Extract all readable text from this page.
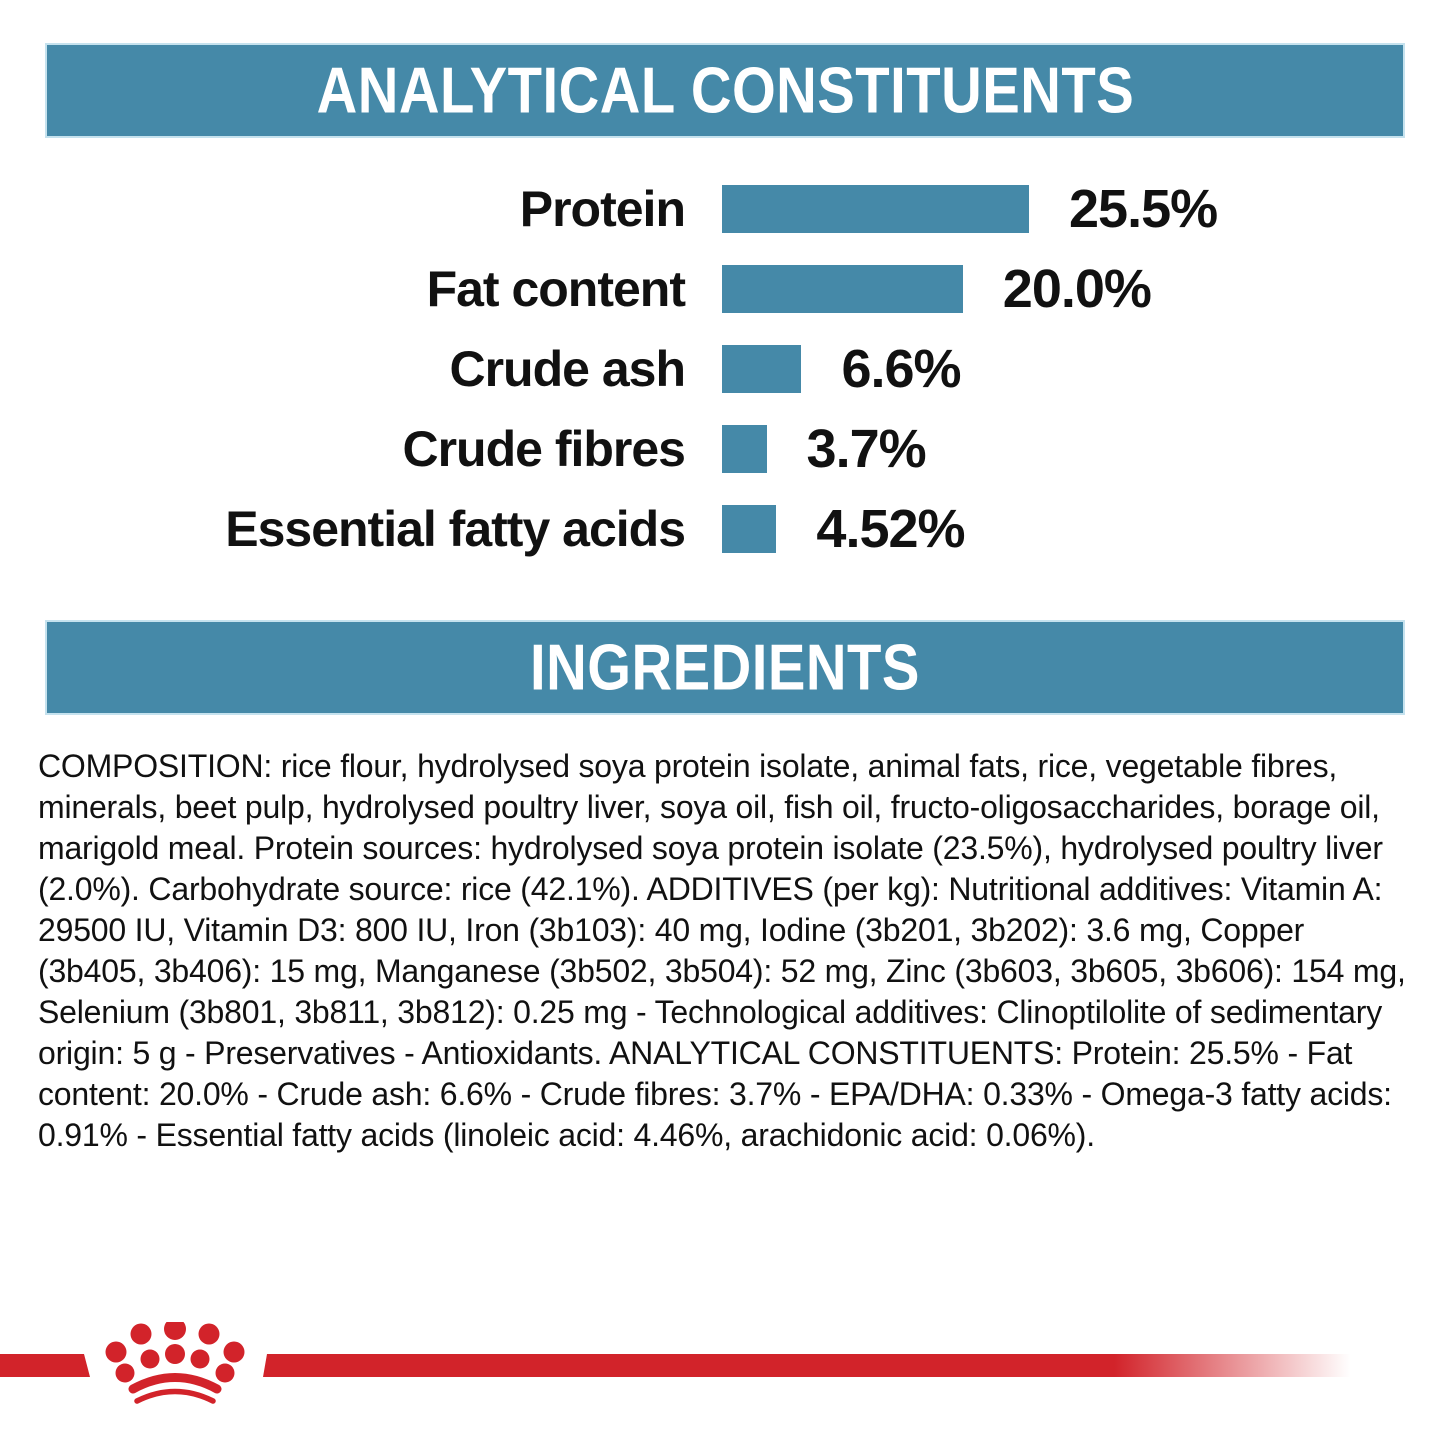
ANALYTICAL CONSTITUENTS
Protein	25.5%
Fat content	20.0%
Crude ash	6.6%
Crude fibres 3.7%
Essential fatty acids 4.52%
INGREDIENTS
COMPOSITION: rice flour, hydrolysed soya protein isolate, animal fats, rice, vegetable fibres, minerals, beet pulp, hydrolysed poultry liver, soya oil, fish oil, fructo-oligosaccharides, borage oil, marigold meal. Protein sources: hydrolysed soya protein isolate (23.5%), hydrolysed poultry liver (2.0%). Carbohydrate source: rice (42.1%). ADDITIVES (per kg): Nutritional additives: Vitamin A: 29500 IU, Vitamin D3: 800 IU, Iron (3b103): 40 mg, Iodine (3b201, 3b202): 3.6 mg, Copper (3b405, 3b406): 15 mg, Manganese (3b502, 3b504): 52 mg, Zinc (3b603, 3b605, 3b606): 154 mg, Selenium (3b801, 3b811, 3b812): 0.25 mg - Technological additives: Clinoptilolite of sedimentary origin: 5 g - Preservatives - Antioxidants. ANALYTICAL CONSTITUENTS: Protein: 25.5% - Fat content: 20.0% - Crude ash: 6.6% - Crude fibres: 3.7% - EPA/DHA: 0.33% - Omega-3 fatty acids: 0.91% - Essential fatty acids (linoleic acid: 4.46%, arachidonic acid: 0.06%).
